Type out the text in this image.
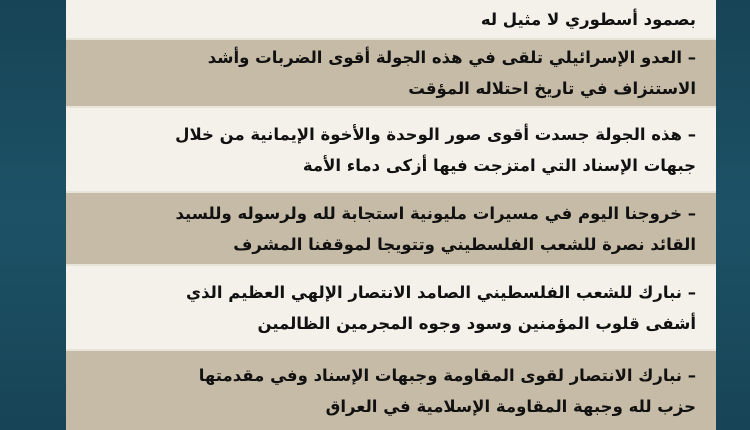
بصمود أسطوري لا مثيل له
– العدو الإسرائيلي تلقى في هذه الجولة أقوى الضربات وأشد
الاستنزاف في تاريخ احتلاله المؤقت
– هذه الجولة جسدت أقوى صور الوحدة والأخوة الإيمانية من خلال
جبهات الإسناد التي امتزجت فيها أزكى دماء الأمة
– خروجنا اليوم في مسيرات مليونية استجابة لله ولرسوله وللسيد
القائد نصرة للشعب الفلسطيني وتتويجا لموقفنا المشرف
– نبارك للشعب الفلسطيني الصامد الانتصار الإلهي العظيم الذي
أشفى قلوب المؤمنين وسود وجوه المجرمين الظالمين
– نبارك الانتصار لقوى المقاومة وجبهات الإسناد وفي مقدمتها
حزب لله وجبهة المقاومة الإسلامية في العراق
